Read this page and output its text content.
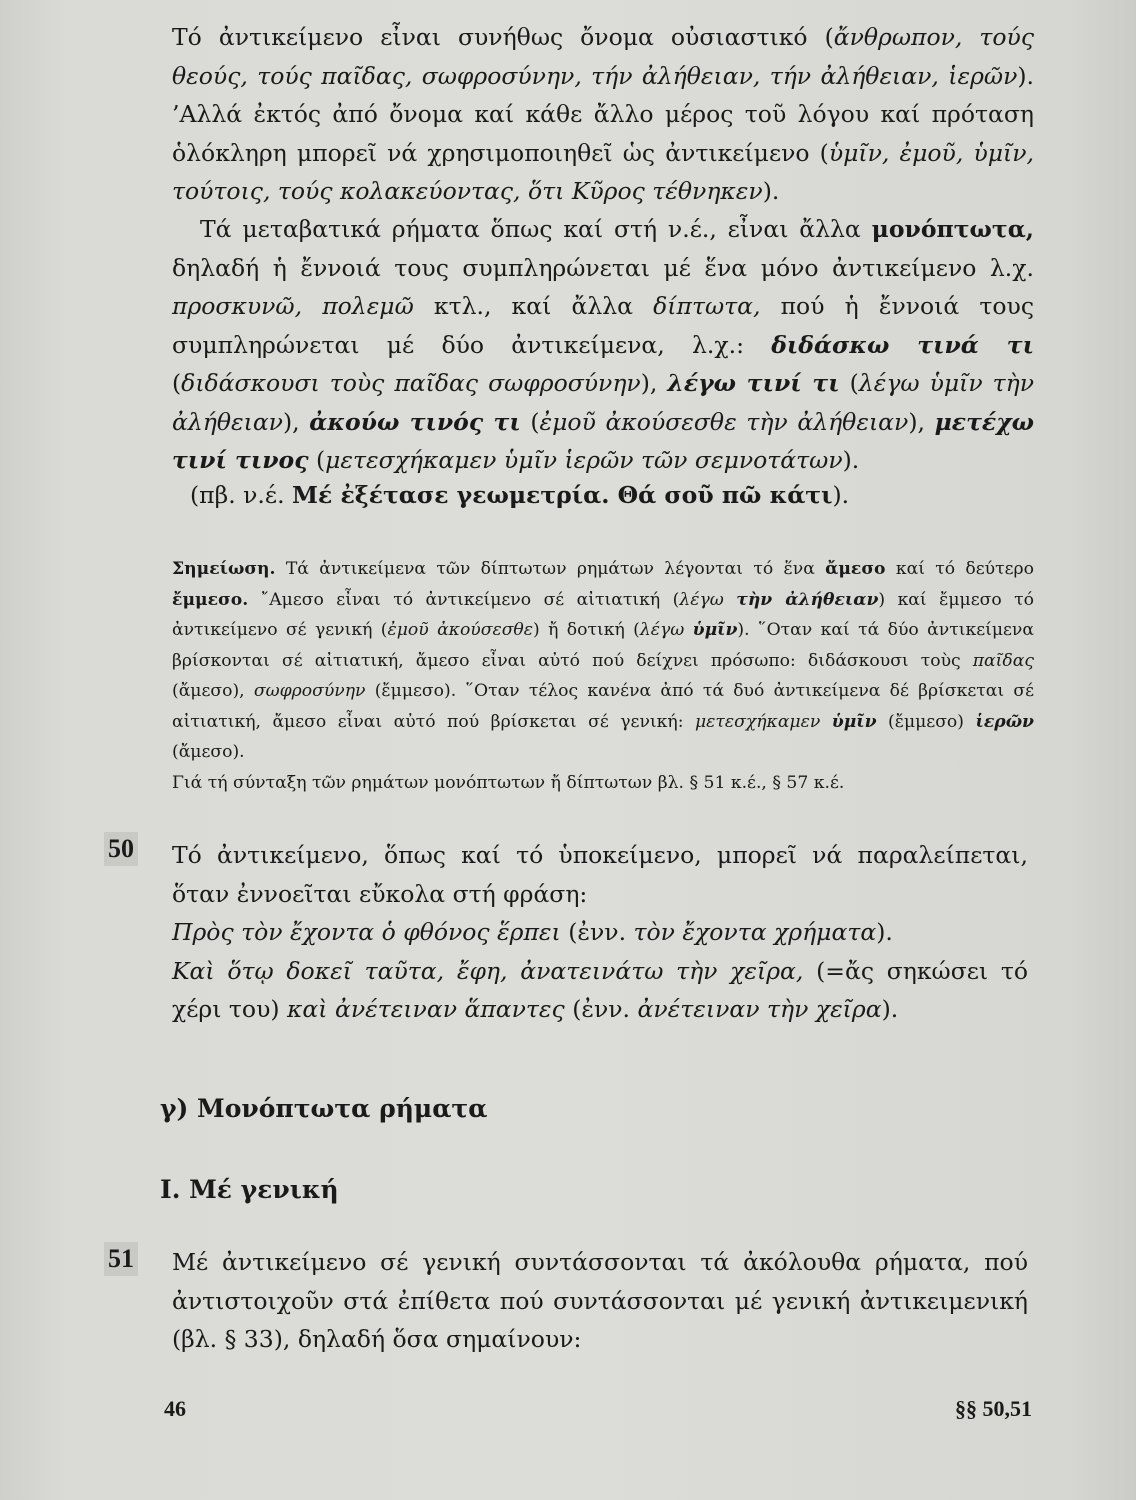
Τό ἀντικείμενο εἶναι συνήθως ὄνομα οὐσιαστικό (ἄνθρωπον, τούς θεούς, τούς παῖδας, σωφροσύνην, τήν ἀλήθειαν, τήν ἀλήθειαν, ἱερῶν). ’Αλλά ἐκτός ἀπό ὄνομα καί κάθε ἄλλο μέρος τοῦ λόγου καί πρόταση ὁλόκληρη μπορεῖ νά χρησιμοποιηθεῖ ὡς ἀντικείμενο (ὑμῖν, ἐμοῦ, ὑμῖν, τούτοις, τούς κολακεύοντας, ὅτι Κῦρος τέθνηκεν).
Τά μεταβατικά ρήματα ὅπως καί στή ν.έ., εἶναι ἄλλα μονόπτωτα, δηλαδή ἡ ἔννοιά τους συμπληρώνεται μέ ἕνα μόνο ἀντικείμενο λ.χ. προσκυνῶ, πολεμῶ κτλ., καί ἄλλα δίπτωτα, πού ἡ ἔννοιά τους συμπληρώνεται μέ δύο ἀντικείμενα, λ.χ.: διδάσκω τινά τι (διδάσκουσι τοὺς παῖδας σωφροσύνην), λέγω τινί τι (λέγω ὑμῖν τὴν ἀλήθειαν), ἀκούω τινός τι (ἐμοῦ ἀκούσεσθε τὴν ἀλήθειαν), μετέχω τινί τινος (μετεσχήκαμεν ὑμῖν ἱερῶν τῶν σεμνοτάτων).
(πβ. ν.έ. Μέ ἐξέτασε γεωμετρία. Θά σοῦ πῶ κάτι).
Σημείωση. Τά ἀντικείμενα τῶν δίπτωτων ρημάτων λέγονται τό ἕνα ἄμεσο καί τό δεύτερο ἔμμεσο. ῎Αμεσο εἶναι τό ἀντικείμενο σέ αἰτιατική (λέγω τὴν ἀλήθειαν) καί ἔμμεσο τό ἀντικείμενο σέ γενική (ἐμοῦ ἀκούσεσθε) ἤ δοτική (λέγω ὑμῖν). ῞Οταν καί τά δύο ἀντικείμενα βρίσκονται σέ αἰτιατική, ἄμεσο εἶναι αὐτό πού δείχνει πρόσωπο: διδάσκουσι τοὺς παῖδας (ἄμεσο), σωφροσύνην (ἔμμεσο). ῞Οταν τέλος κανένα ἀπό τά δυό ἀντικείμενα δέ βρίσκεται σέ αἰτιατική, ἄμεσο εἶναι αὐτό πού βρίσκεται σέ γενική: μετεσχήκαμεν ὑμῖν (ἔμμεσο) ἱερῶν (ἄμεσο).
Γιά τή σύνταξη τῶν ρημάτων μονόπτωτων ἤ δίπτωτων βλ. § 51 κ.έ., § 57 κ.έ.
50 Τό ἀντικείμενο, ὅπως καί τό ὑποκείμενο, μπορεῖ νά παραλείπεται, ὅταν ἐννοεῖται εὔκολα στή φράση:
Πρὸς τὸν ἔχοντα ὁ φθόνος ἕρπει (ἐνν. τὸν ἔχοντα χρήματα).
Καὶ ὅτῳ δοκεῖ ταῦτα, ἔφη, ἀνατεινάτω τὴν χεῖρα, (=ἄς σηκώσει τό χέρι του) καὶ ἀνέτειναν ἅπαντες (ἐνν. ἀνέτειναν τὴν χεῖρα).
γ) Μονόπτωτα ρήματα
I. Μέ γενική
51 Μέ ἀντικείμενο σέ γενική συντάσσονται τά ἀκόλουθα ρήματα, πού ἀντιστοιχοῦν στά ἐπίθετα πού συντάσσονται μέ γενική ἀντικειμενική (βλ. § 33), δηλαδή ὅσα σημαίνουν:
46	§§ 50,51
